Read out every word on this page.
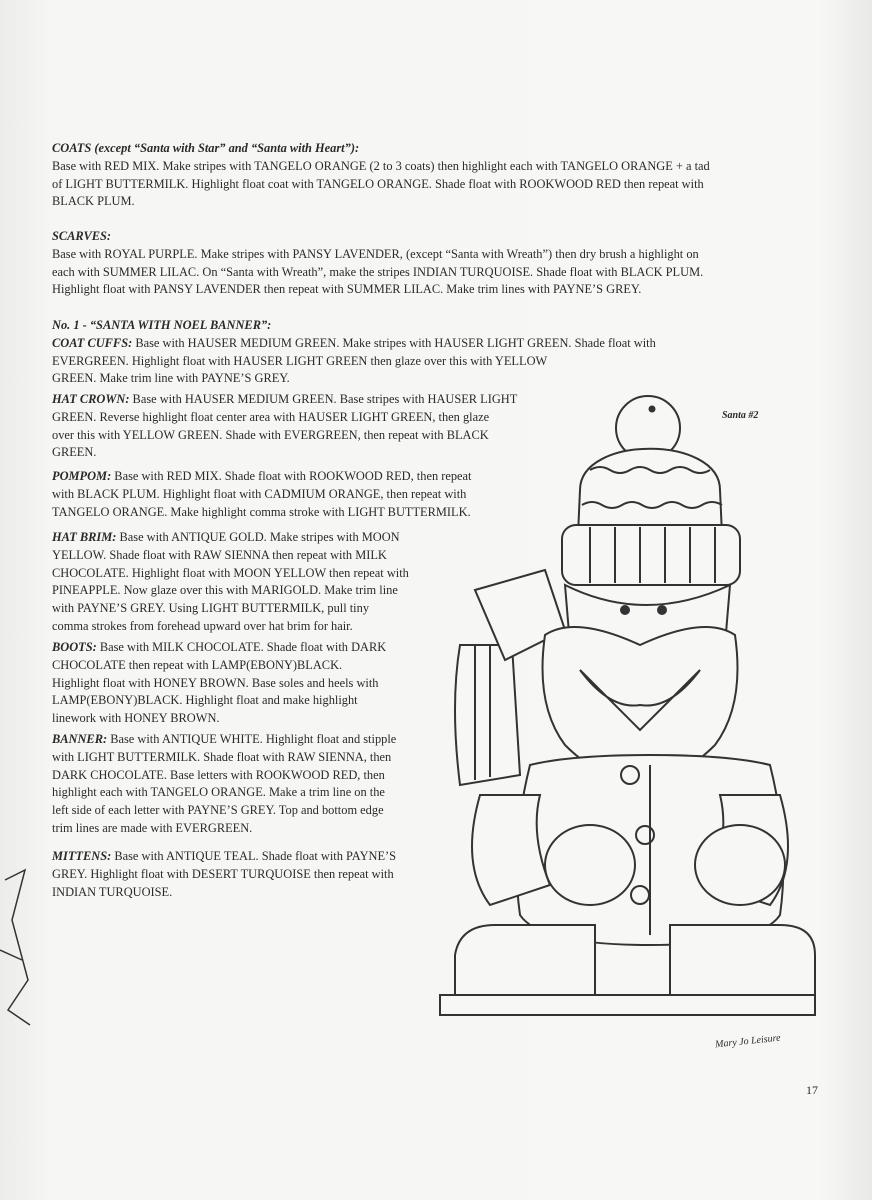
COATS (except “Santa with Star” and “Santa with Heart”):
Base with RED MIX. Make stripes with TANGELO ORANGE (2 to 3 coats) then highlight each with TANGELO ORANGE + a tad
of LIGHT BUTTERMILK. Highlight float coat with TANGELO ORANGE. Shade float with ROOKWOOD RED then repeat with
BLACK PLUM.
SCARVES:
Base with ROYAL PURPLE. Make stripes with PANSY LAVENDER, (except “Santa with Wreath”) then dry brush a highlight on
each with SUMMER LILAC. On “Santa with Wreath”, make the stripes INDIAN TURQUOISE. Shade float with BLACK PLUM.
Highlight float with PANSY LAVENDER then repeat with SUMMER LILAC. Make trim lines with PAYNE’S GREY.
No. 1 - “SANTA WITH NOEL BANNER”:
COAT CUFFS: Base with HAUSER MEDIUM GREEN. Make stripes with HAUSER LIGHT GREEN. Shade float with
EVERGREEN. Highlight float with HAUSER LIGHT GREEN then glaze over this with YELLOW
GREEN. Make trim line with PAYNE’S GREY.
HAT CROWN: Base with HAUSER MEDIUM GREEN. Base stripes with HAUSER LIGHT
GREEN. Reverse highlight float center area with HAUSER LIGHT GREEN, then glaze
over this with YELLOW GREEN. Shade with EVERGREEN, then repeat with BLACK
GREEN.
POMPOM: Base with RED MIX. Shade float with ROOKWOOD RED, then repeat
with BLACK PLUM. Highlight float with CADMIUM ORANGE, then repeat with
TANGELO ORANGE. Make highlight comma stroke with LIGHT BUTTERMILK.
HAT BRIM: Base with ANTIQUE GOLD. Make stripes with MOON
YELLOW. Shade float with RAW SIENNA then repeat with MILK
CHOCOLATE. Highlight float with MOON YELLOW then repeat with
PINEAPPLE. Now glaze over this with MARIGOLD. Make trim line
with PAYNE’S GREY. Using LIGHT BUTTERMILK, pull tiny
comma strokes from forehead upward over hat brim for hair.
BOOTS: Base with MILK CHOCOLATE. Shade float with DARK
CHOCOLATE then repeat with LAMP(EBONY)BLACK.
Highlight float with HONEY BROWN. Base soles and heels with
LAMP(EBONY)BLACK. Highlight float and make highlight
linework with HONEY BROWN.
BANNER: Base with ANTIQUE WHITE. Highlight float and stipple
with LIGHT BUTTERMILK. Shade float with RAW SIENNA, then
DARK CHOCOLATE. Base letters with ROOKWOOD RED, then
highlight each with TANGELO ORANGE. Make a trim line on the
left side of each letter with PAYNE’S GREY. Top and bottom edge
trim lines are made with EVERGREEN.
MITTENS: Base with ANTIQUE TEAL. Shade float with PAYNE’S
GREY. Highlight float with DESERT TURQUOISE then repeat with
INDIAN TURQUOISE.
Santa #2
Mary Jo Leisure
17
